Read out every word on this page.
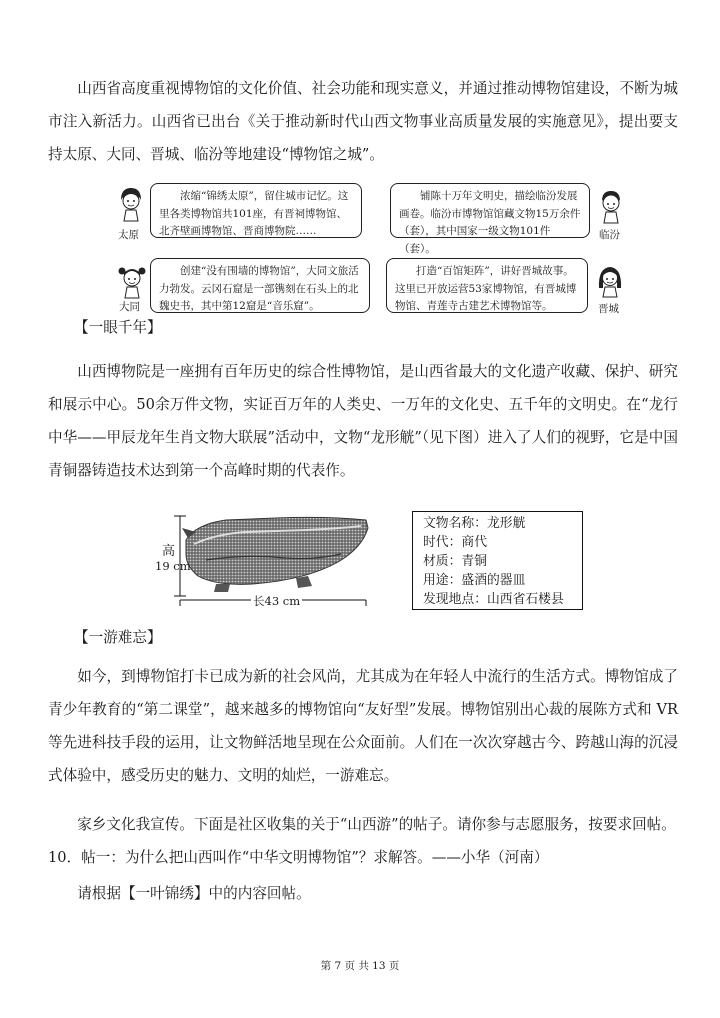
山西省高度重视博物馆的文化价值、社会功能和现实意义，并通过推动博物馆建设，不断为城市注入新活力。山西省已出台《关于推动新时代山西文物事业高质量发展的实施意见》，提出要支持太原、大同、晋城、临汾等地建设“博物馆之城”。

太原
浓缩“锦绣太原”，留住城市记忆。这里各类博物馆共101座，有晋祠博物馆、北齐壁画博物馆、晋商博物院……
铺陈十万年文明史，描绘临汾发展画卷。临汾市博物馆馆藏文物15万余件（套），其中国家一级文物101件（套）。
临汾
大同
创建“没有围墙的博物馆”，大同文旅活力勃发。云冈石窟是一部镌刻在石头上的北魏史书，其中第12窟是“音乐窟”。
打造“百馆矩阵”，讲好晋城故事。这里已开放运营53家博物馆，有晋城博物馆、青莲寺古建艺术博物馆等。	晋城

【一眼千年】

山西博物院是一座拥有百年历史的综合性博物馆，是山西省最大的文化遗产收藏、保护、研究和展示中心。50余万件文物，实证百万年的人类史、一万年的文化史、五千年的文明史。在“龙行中华——甲辰龙年生肖文物大联展”活动中，文物“龙形觥”（见下图）进入了人们的视野，它是中国青铜器铸造技术达到第一个高峰时期的代表作。

高
19 cm
长43 cm
文物名称：龙形觥
时代：商代
材质：青铜
用途：盛酒的器皿
发现地点：山西省石楼县

【一游难忘】

如今，到博物馆打卡已成为新的社会风尚，尤其成为在年轻人中流行的生活方式。博物馆成了青少年教育的“第二课堂”，越来越多的博物馆向“友好型”发展。博物馆别出心裁的展陈方式和 VR 等先进科技手段的运用，让文物鲜活地呈现在公众面前。人们在一次次穿越古今、跨越山海的沉浸式体验中，感受历史的魅力、文明的灿烂，一游难忘。

家乡文化我宣传。下面是社区收集的关于“山西游”的帖子。请你参与志愿服务，按要求回帖。

10．帖一：为什么把山西叫作“中华文明博物馆”？求解答。——小华（河南）

请根据【一叶锦绣】中的内容回帖。

第 7 页 共 13 页
